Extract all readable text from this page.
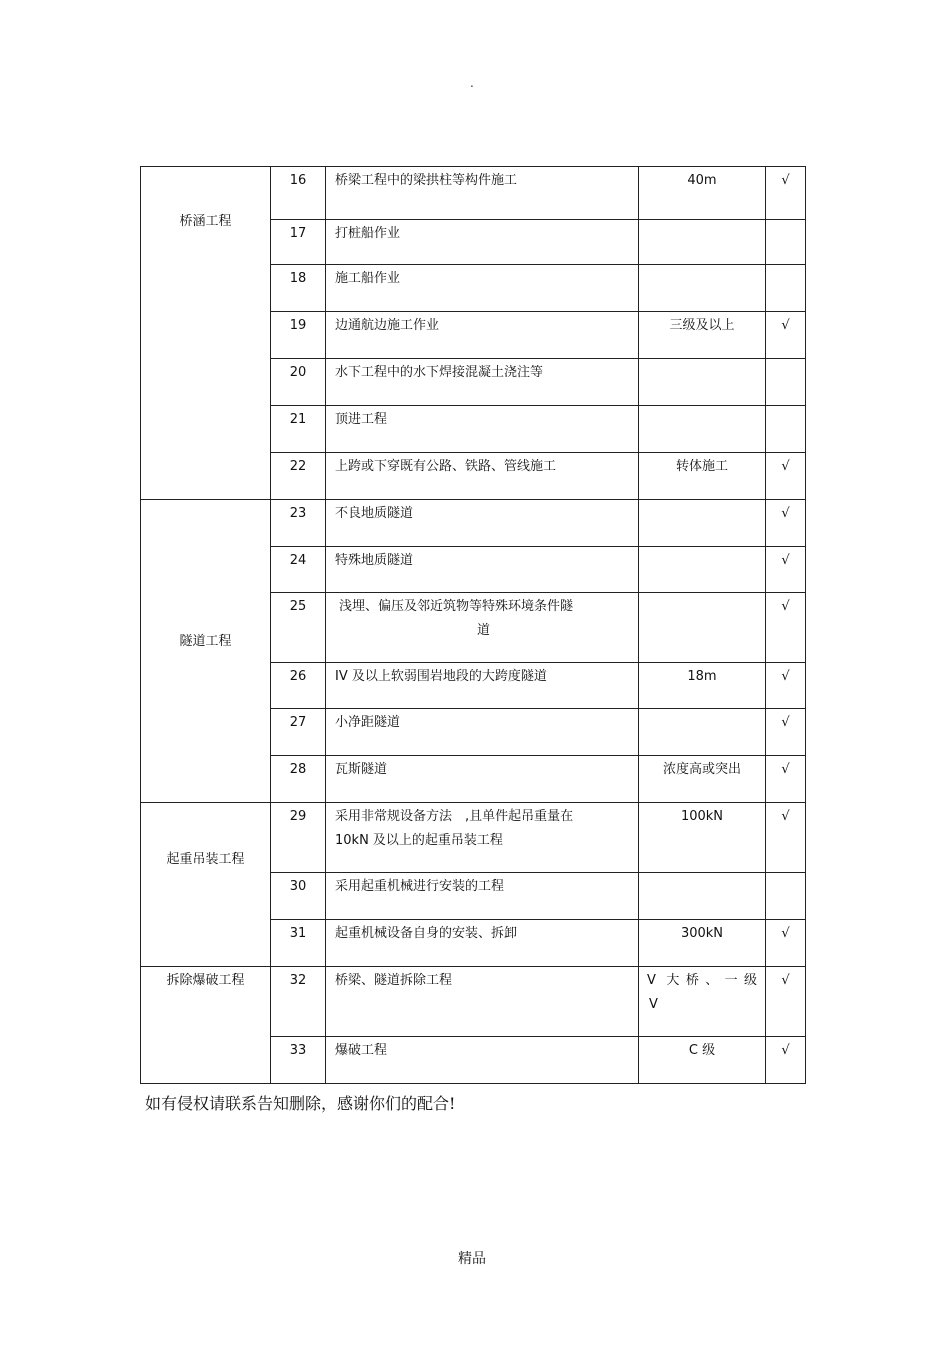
.
桥涵工程	16	桥梁工程中的梁拱柱等构件施工	40m	√
	17	打桩船作业		
	18	施工船作业		
	19	边通航边施工作业	三级及以上	√
	20	水下工程中的水下焊接混凝土浇注等		
	21	顶进工程		
	22	上跨或下穿既有公路、铁路、管线施工	转体施工	√

隧道工程	23	不良地质隧道		√
	24	特殊地质隧道		√
	25	浅埋、偏压及邻近筑物等特殊环境条件隧
道		√
	26	IV 及以上软弱围岩地段的大跨度隧道	18m	√
	27	小净距隧道		√
	28	瓦斯隧道	浓度高或突出	√

起重吊装工程	29	采用非常规设备方法　,且单件起吊重量在
10kN 及以上的起重吊装工程	100kN	√
	30	采用起重机械进行安装的工程		
	31	起重机械设备自身的安装、拆卸	300kN	√

拆除爆破工程	32	桥梁、隧道拆除工程	V 大桥、一级
V	√
	33	爆破工程	C 级	√
如有侵权请联系告知删除，感谢你们的配合!
精品
